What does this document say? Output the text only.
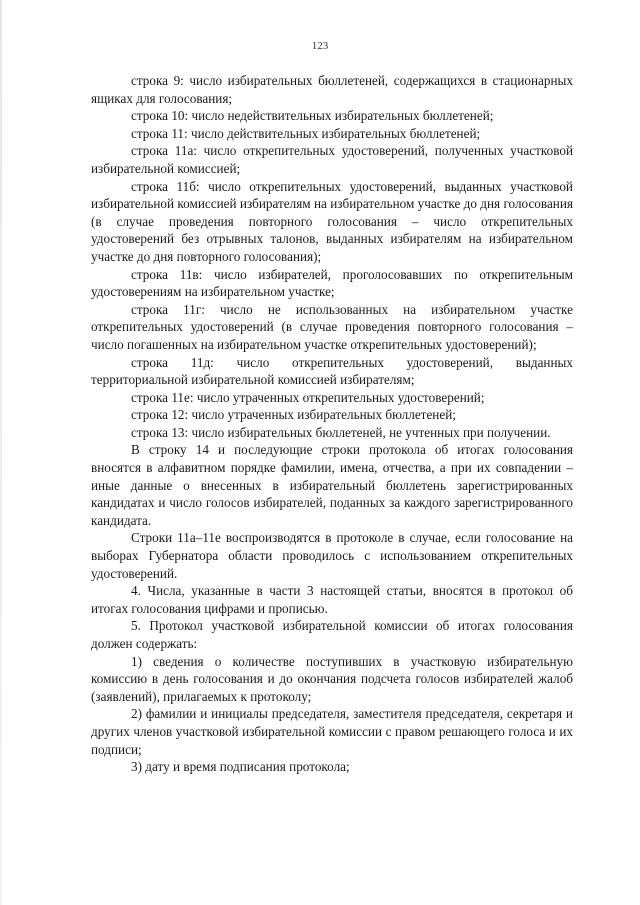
123

строка 9: число избирательных бюллетеней, содержащихся в стационарных ящиках для голосования;

строка 10: число недействительных избирательных бюллетеней;

строка 11: число действительных избирательных бюллетеней;

строка 11а: число открепительных удостоверений, полученных участковой избирательной комиссией;

строка 11б: число открепительных удостоверений, выданных участковой избирательной комиссией избирателям на избирательном участке до дня голосования (в случае проведения повторного голосования – число открепительных удостоверений без отрывных талонов, выданных избирателям на избирательном участке до дня повторного голосования);

строка 11в: число избирателей, проголосовавших по открепительным удостоверениям на избирательном участке;

строка 11г: число не использованных на избирательном участке открепительных удостоверений (в случае проведения повторного голосования – число погашенных на избирательном участке открепительных удостоверений);

строка 11д: число открепительных удостоверений, выданных территориальной избирательной комиссией избирателям;

строка 11е: число утраченных открепительных удостоверений;

строка 12: число утраченных избирательных бюллетеней;

строка 13: число избирательных бюллетеней, не учтенных при получении.

В строку 14 и последующие строки протокола об итогах голосования вносятся в алфавитном порядке фамилии, имена, отчества, а при их совпадении – иные данные о внесенных в избирательный бюллетень зарегистрированных кандидатах и число голосов избирателей, поданных за каждого зарегистрированного кандидата.

Строки 11а–11е воспроизводятся в протоколе в случае, если голосование на выборах Губернатора области проводилось с использованием открепительных удостоверений.

4. Числа, указанные в части 3 настоящей статьи, вносятся в протокол об итогах голосования цифрами и прописью.

5. Протокол участковой избирательной комиссии об итогах голосования должен содержать:

1) сведения о количестве поступивших в участковую избирательную комиссию в день голосования и до окончания подсчета голосов избирателей жалоб (заявлений), прилагаемых к протоколу;

2) фамилии и инициалы председателя, заместителя председателя, секретаря и других членов участковой избирательной комиссии с правом решающего голоса и их подписи;

3) дату и время подписания протокола;
